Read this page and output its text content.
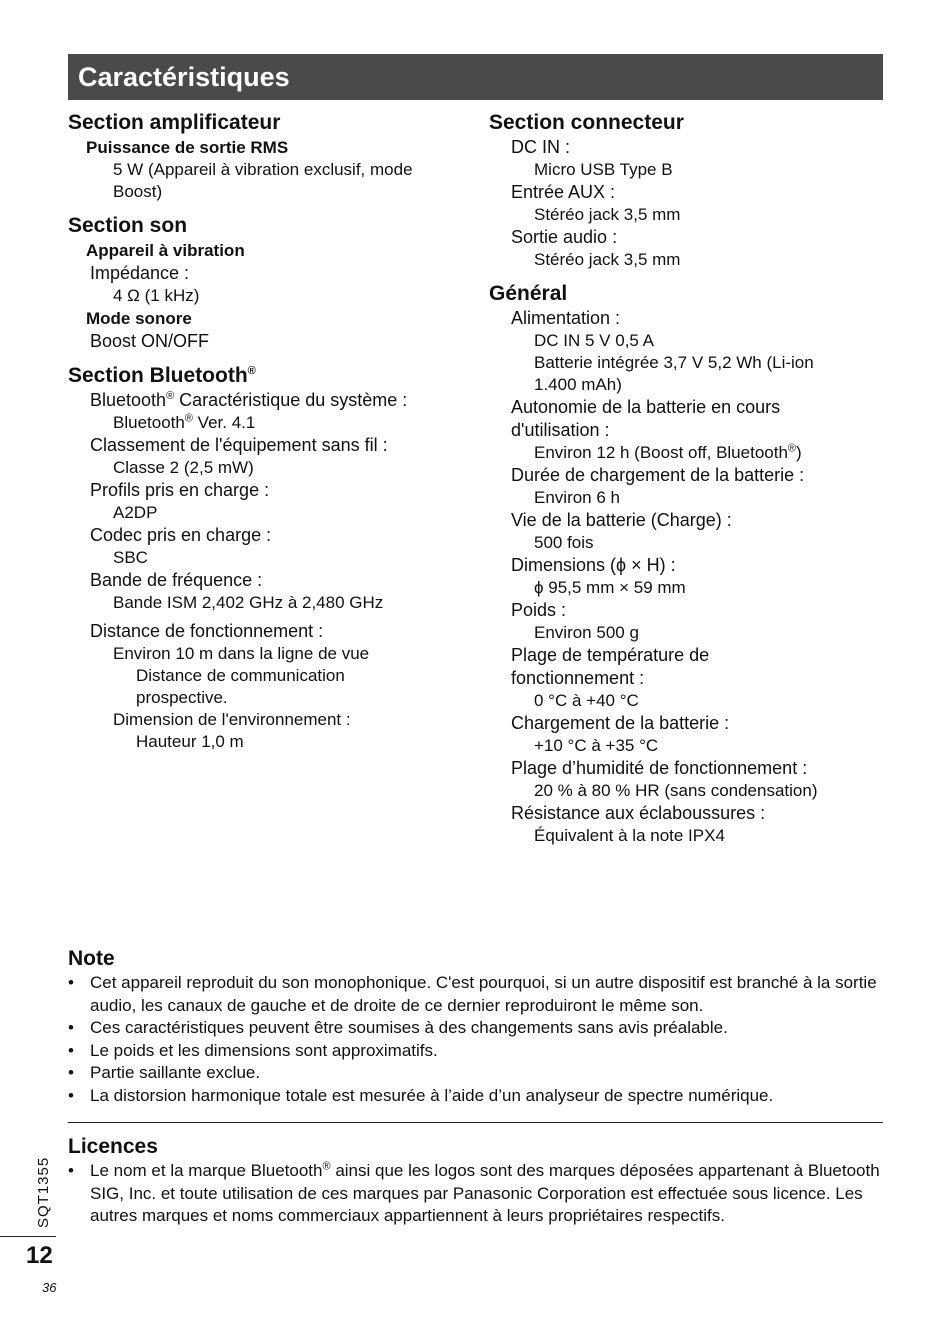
Caractéristiques
Section amplificateur
Puissance de sortie RMS
5 W (Appareil à vibration exclusif, mode
Boost)
Section son
Appareil à vibration
Impédance :
4 Ω (1 kHz)
Mode sonore
Boost ON/OFF
Section Bluetooth®
Bluetooth® Caractéristique du système :
Bluetooth® Ver. 4.1
Classement de l'équipement sans fil :
Classe 2 (2,5 mW)
Profils pris en charge :
A2DP
Codec pris en charge :
SBC
Bande de fréquence :
Bande ISM 2,402 GHz à 2,480 GHz
Distance de fonctionnement :
Environ 10 m dans la ligne de vue
Distance de communication
prospective.
Dimension de l'environnement :
Hauteur 1,0 m
Section connecteur
DC IN :
Micro USB Type B
Entrée AUX :
Stéréo jack 3,5 mm
Sortie audio :
Stéréo jack 3,5 mm
Général
Alimentation :
DC IN 5 V 0,5 A
Batterie intégrée 3,7 V 5,2 Wh (Li-ion
1.400 mAh)
Autonomie de la batterie en cours
d'utilisation :
Environ 12 h (Boost off, Bluetooth®)
Durée de chargement de la batterie :
Environ 6 h
Vie de la batterie (Charge) :
500 fois
Dimensions (ϕ × H) :
ϕ 95,5 mm × 59 mm
Poids :
Environ 500 g
Plage de température de
fonctionnement :
0 °C à +40 °C
Chargement de la batterie :
+10 °C à +35 °C
Plage d’humidité de fonctionnement :
20 % à 80 % HR (sans condensation)
Résistance aux éclaboussures :
Équivalent à la note IPX4
Note
• Cet appareil reproduit du son monophonique. C'est pourquoi, si un autre dispositif est branché à la sortie audio, les canaux de gauche et de droite de ce dernier reproduiront le même son.
• Ces caractéristiques peuvent être soumises à des changements sans avis préalable.
• Le poids et les dimensions sont approximatifs.
• Partie saillante exclue.
• La distorsion harmonique totale est mesurée à l’aide d’un analyseur de spectre numérique.
Licences
• Le nom et la marque Bluetooth® ainsi que les logos sont des marques déposées appartenant à Bluetooth SIG, Inc. et toute utilisation de ces marques par Panasonic Corporation est effectuée sous licence. Les autres marques et noms commerciaux appartiennent à leurs propriétaires respectifs.
SQT1355
12
36
